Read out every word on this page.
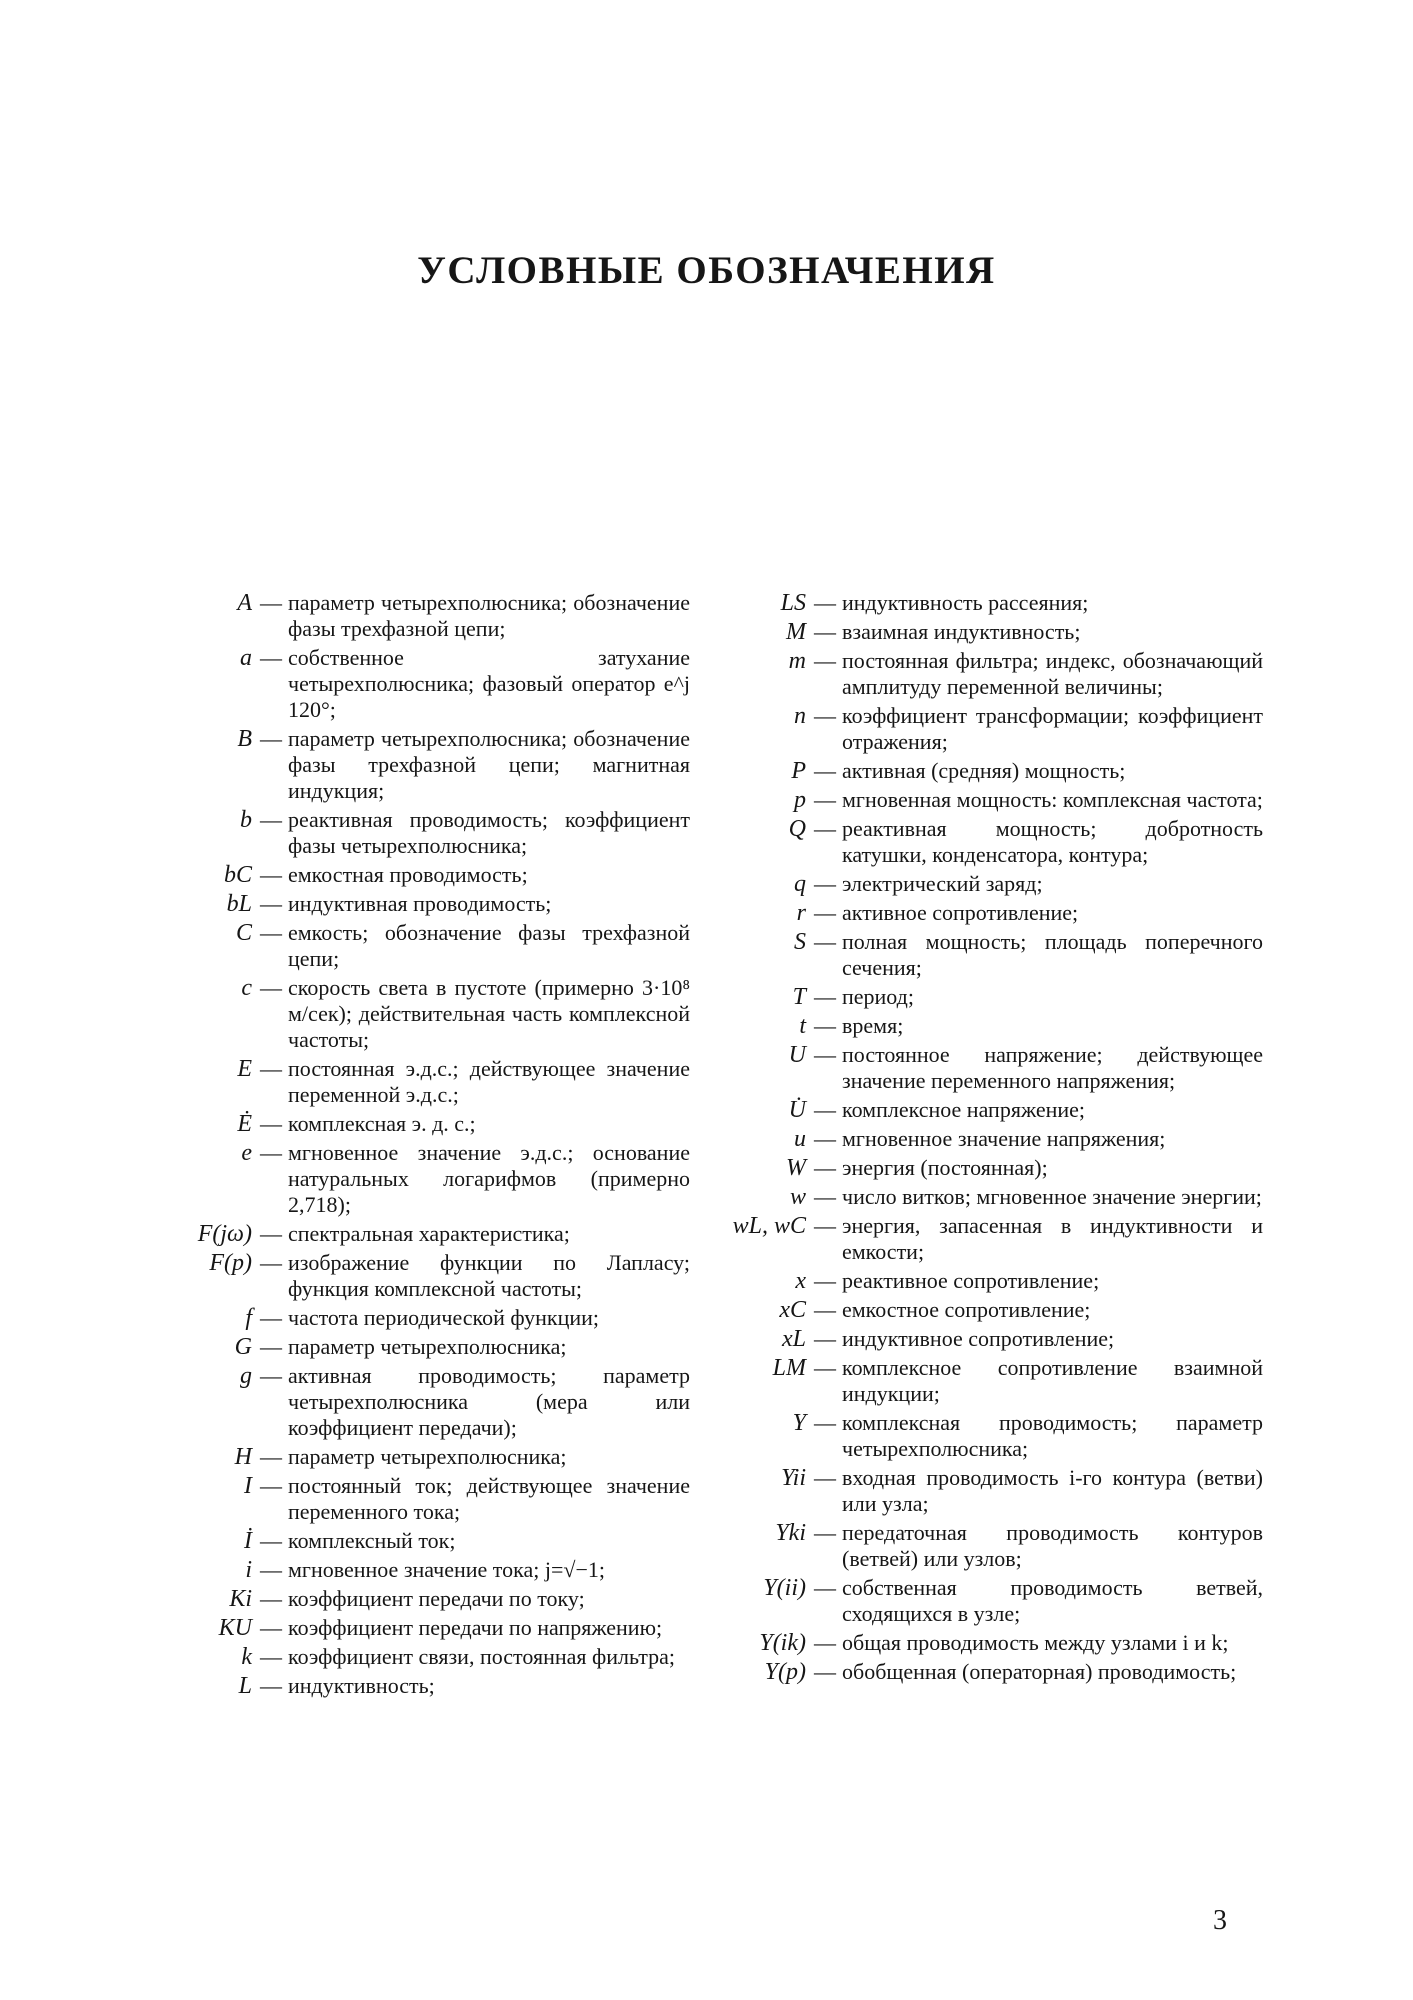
УСЛОВНЫЕ ОБОЗНАЧЕНИЯ
A — параметр четырехполюсника; обозначение фазы трехфазной цепи;
a — собственное затухание четырехполюсника; фазовый оператор e^j 120°;
B — параметр четырехполюсника; обозначение фазы трехфазной цепи; магнитная индукция;
b — реактивная проводимость; коэффициент фазы четырехполюсника;
bC — емкостная проводимость;
bL — индуктивная проводимость;
C — емкость; обозначение фазы трехфазной цепи;
c — скорость света в пустоте (примерно 3·10⁸ м/сек); действительная часть комплексной частоты;
E — постоянная э.д.с.; действующее значение переменной э.д.с.;
Ė — комплексная э. д. с.;
e — мгновенное значение э.д.с.; основание натуральных логарифмов (примерно 2,718);
F(jω) — спектральная характеристика;
F(p) — изображение функции по Лапласу; функция комплексной частоты;
f — частота периодической функции;
G — параметр четырехполюсника;
g — активная проводимость; параметр четырехполюсника (мера или коэффициент передачи);
H — параметр четырехполюсника;
I — постоянный ток; действующее значение переменного тока;
İ — комплексный ток;
i — мгновенное значение тока; j=√−1;
Ki — коэффициент передачи по току;
KU — коэффициент передачи по напряжению;
k — коэффициент связи, постоянная фильтра;
L — индуктивность;
LS — индуктивность рассеяния;
M — взаимная индуктивность;
m — постоянная фильтра; индекс, обозначающий амплитуду переменной величины;
n — коэффициент трансформации; коэффициент отражения;
P — активная (средняя) мощность;
p — мгновенная мощность: комплексная частота;
Q — реактивная мощность; добротность катушки, конденсатора, контура;
q — электрический заряд;
r — активное сопротивление;
S — полная мощность; площадь поперечного сечения;
T — период;
t — время;
U — постоянное напряжение; действующее значение переменного напряжения;
U̇ — комплексное напряжение;
u — мгновенное значение напряжения;
W — энергия (постоянная);
w — число витков; мгновенное значение энергии;
wL, wC — энергия, запасенная в индуктивности и емкости;
x — реактивное сопротивление;
xC — емкостное сопротивление;
xL — индуктивное сопротивление;
LM — комплексное сопротивление взаимной индукции;
Y — комплексная проводимость; параметр четырехполюсника;
Yii — входная проводимость i-го контура (ветви) или узла;
Yki — передаточная проводимость контуров (ветвей) или узлов;
Y(ii) — собственная проводимость ветвей, сходящихся в узле;
Y(ik) — общая проводимость между узлами i и k;
Y(p) — обобщенная (операторная) проводимость;
3
